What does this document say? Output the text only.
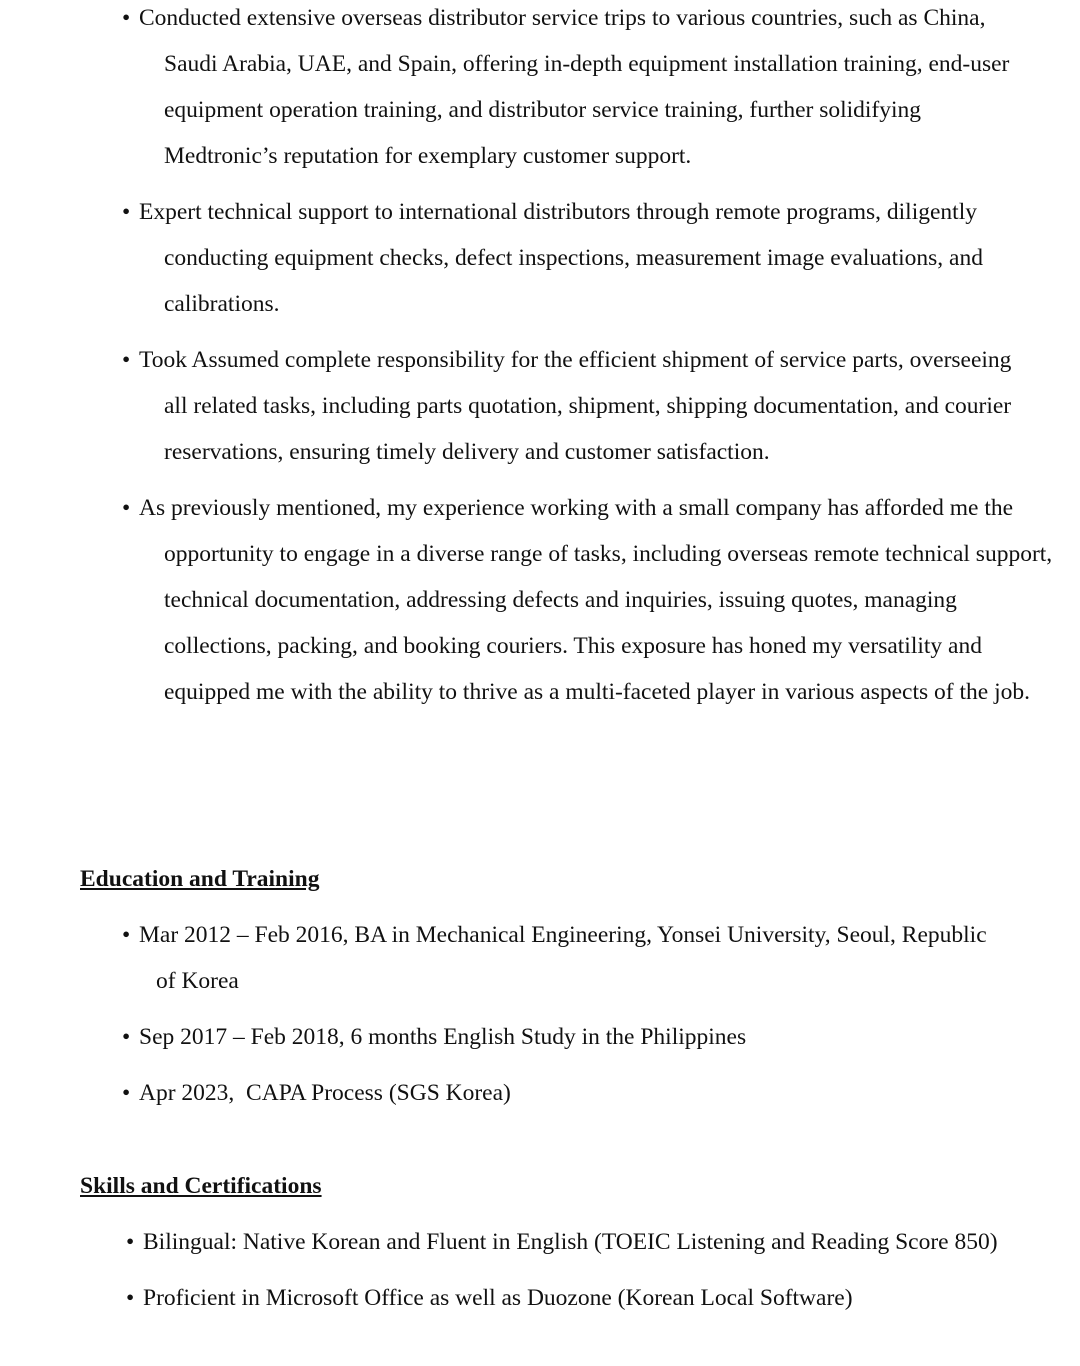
• Conducted extensive overseas distributor service trips to various countries, such as China, Saudi Arabia, UAE, and Spain, offering in-depth equipment installation training, end-user equipment operation training, and distributor service training, further solidifying Medtronic’s reputation for exemplary customer support.
• Expert technical support to international distributors through remote programs, diligently conducting equipment checks, defect inspections, measurement image evaluations, and calibrations.
• Took Assumed complete responsibility for the efficient shipment of service parts, overseeing all related tasks, including parts quotation, shipment, shipping documentation, and courier reservations, ensuring timely delivery and customer satisfaction.
• As previously mentioned, my experience working with a small company has afforded me the opportunity to engage in a diverse range of tasks, including overseas remote technical support, technical documentation, addressing defects and inquiries, issuing quotes, managing collections, packing, and booking couriers. This exposure has honed my versatility and equipped me with the ability to thrive as a multi-faceted player in various aspects of the job.
Education and Training
• Mar 2012 – Feb 2016, BA in Mechanical Engineering, Yonsei University, Seoul, Republic of Korea
• Sep 2017 – Feb 2018, 6 months English Study in the Philippines
• Apr 2023,  CAPA Process (SGS Korea)
Skills and Certifications
• Bilingual: Native Korean and Fluent in English (TOEIC Listening and Reading Score 850)
• Proficient in Microsoft Office as well as Duozone (Korean Local Software)
